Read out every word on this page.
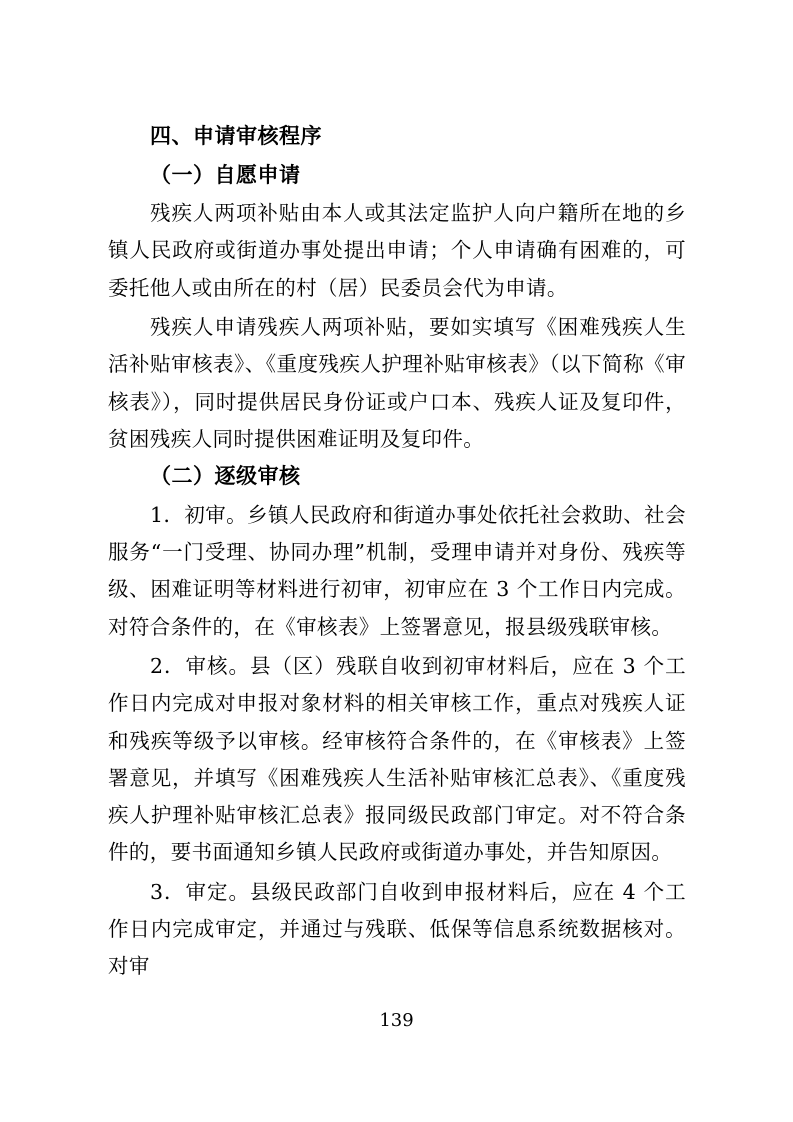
四、申请审核程序
（一）自愿申请

残疾人两项补贴由本人或其法定监护人向户籍所在地的乡镇人民政府或街道办事处提出申请；个人申请确有困难的，可委托他人或由所在的村（居）民委员会代为申请。

残疾人申请残疾人两项补贴，要如实填写《困难残疾人生活补贴审核表》、《重度残疾人护理补贴审核表》（以下简称《审核表》），同时提供居民身份证或户口本、残疾人证及复印件，贫困残疾人同时提供困难证明及复印件。

（二）逐级审核

1．初审。乡镇人民政府和街道办事处依托社会救助、社会服务“一门受理、协同办理”机制，受理申请并对身份、残疾等级、困难证明等材料进行初审，初审应在 3 个工作日内完成。对符合条件的，在《审核表》上签署意见，报县级残联审核。

2．审核。县（区）残联自收到初审材料后，应在 3 个工作日内完成对申报对象材料的相关审核工作，重点对残疾人证和残疾等级予以审核。经审核符合条件的，在《审核表》上签署意见，并填写《困难残疾人生活补贴审核汇总表》、《重度残疾人护理补贴审核汇总表》报同级民政部门审定。对不符合条件的，要书面通知乡镇人民政府或街道办事处，并告知原因。

3．审定。县级民政部门自收到申报材料后，应在 4 个工作日内完成审定，并通过与残联、低保等信息系统数据核对。对审

139
